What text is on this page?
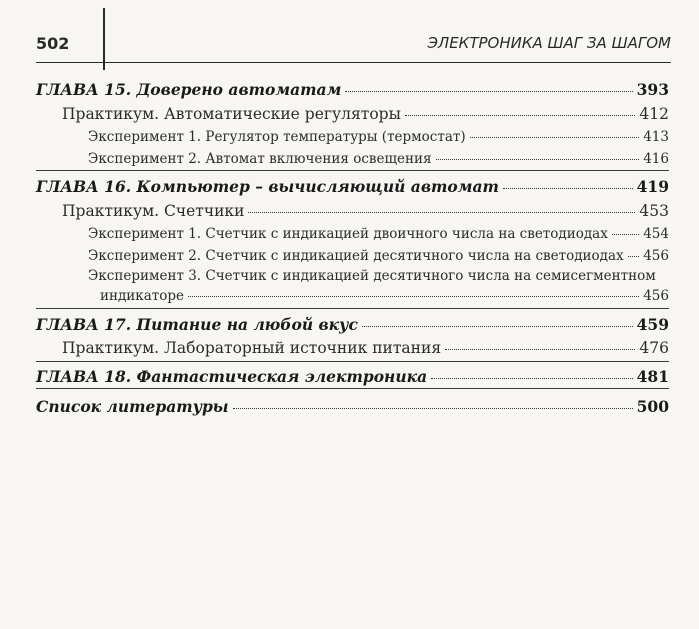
502	ЭЛЕКТРОНИКА ШАГ ЗА ШАГОМ
ГЛАВА 15. Доверено автоматам	393
Практикум. Автоматические регуляторы	412
Эксперимент 1. Регулятор температуры (термостат)	413
Эксперимент 2. Автомат включения освещения	416
ГЛАВА 16. Компьютер – вычисляющий автомат	419
Практикум. Счетчики	453
Эксперимент 1. Счетчик с индикацией двоичного числа на светодиодах	454
Эксперимент 2. Счетчик с индикацией десятичного числа на светодиодах 456
Эксперимент 3. Счетчик с индикацией десятичного числа на семисегментном
индикаторе	456
ГЛАВА 17. Питание на любой вкус	459
Практикум. Лабораторный источник питания	476
ГЛАВА 18. Фантастическая электроника	481
Список литературы	500
